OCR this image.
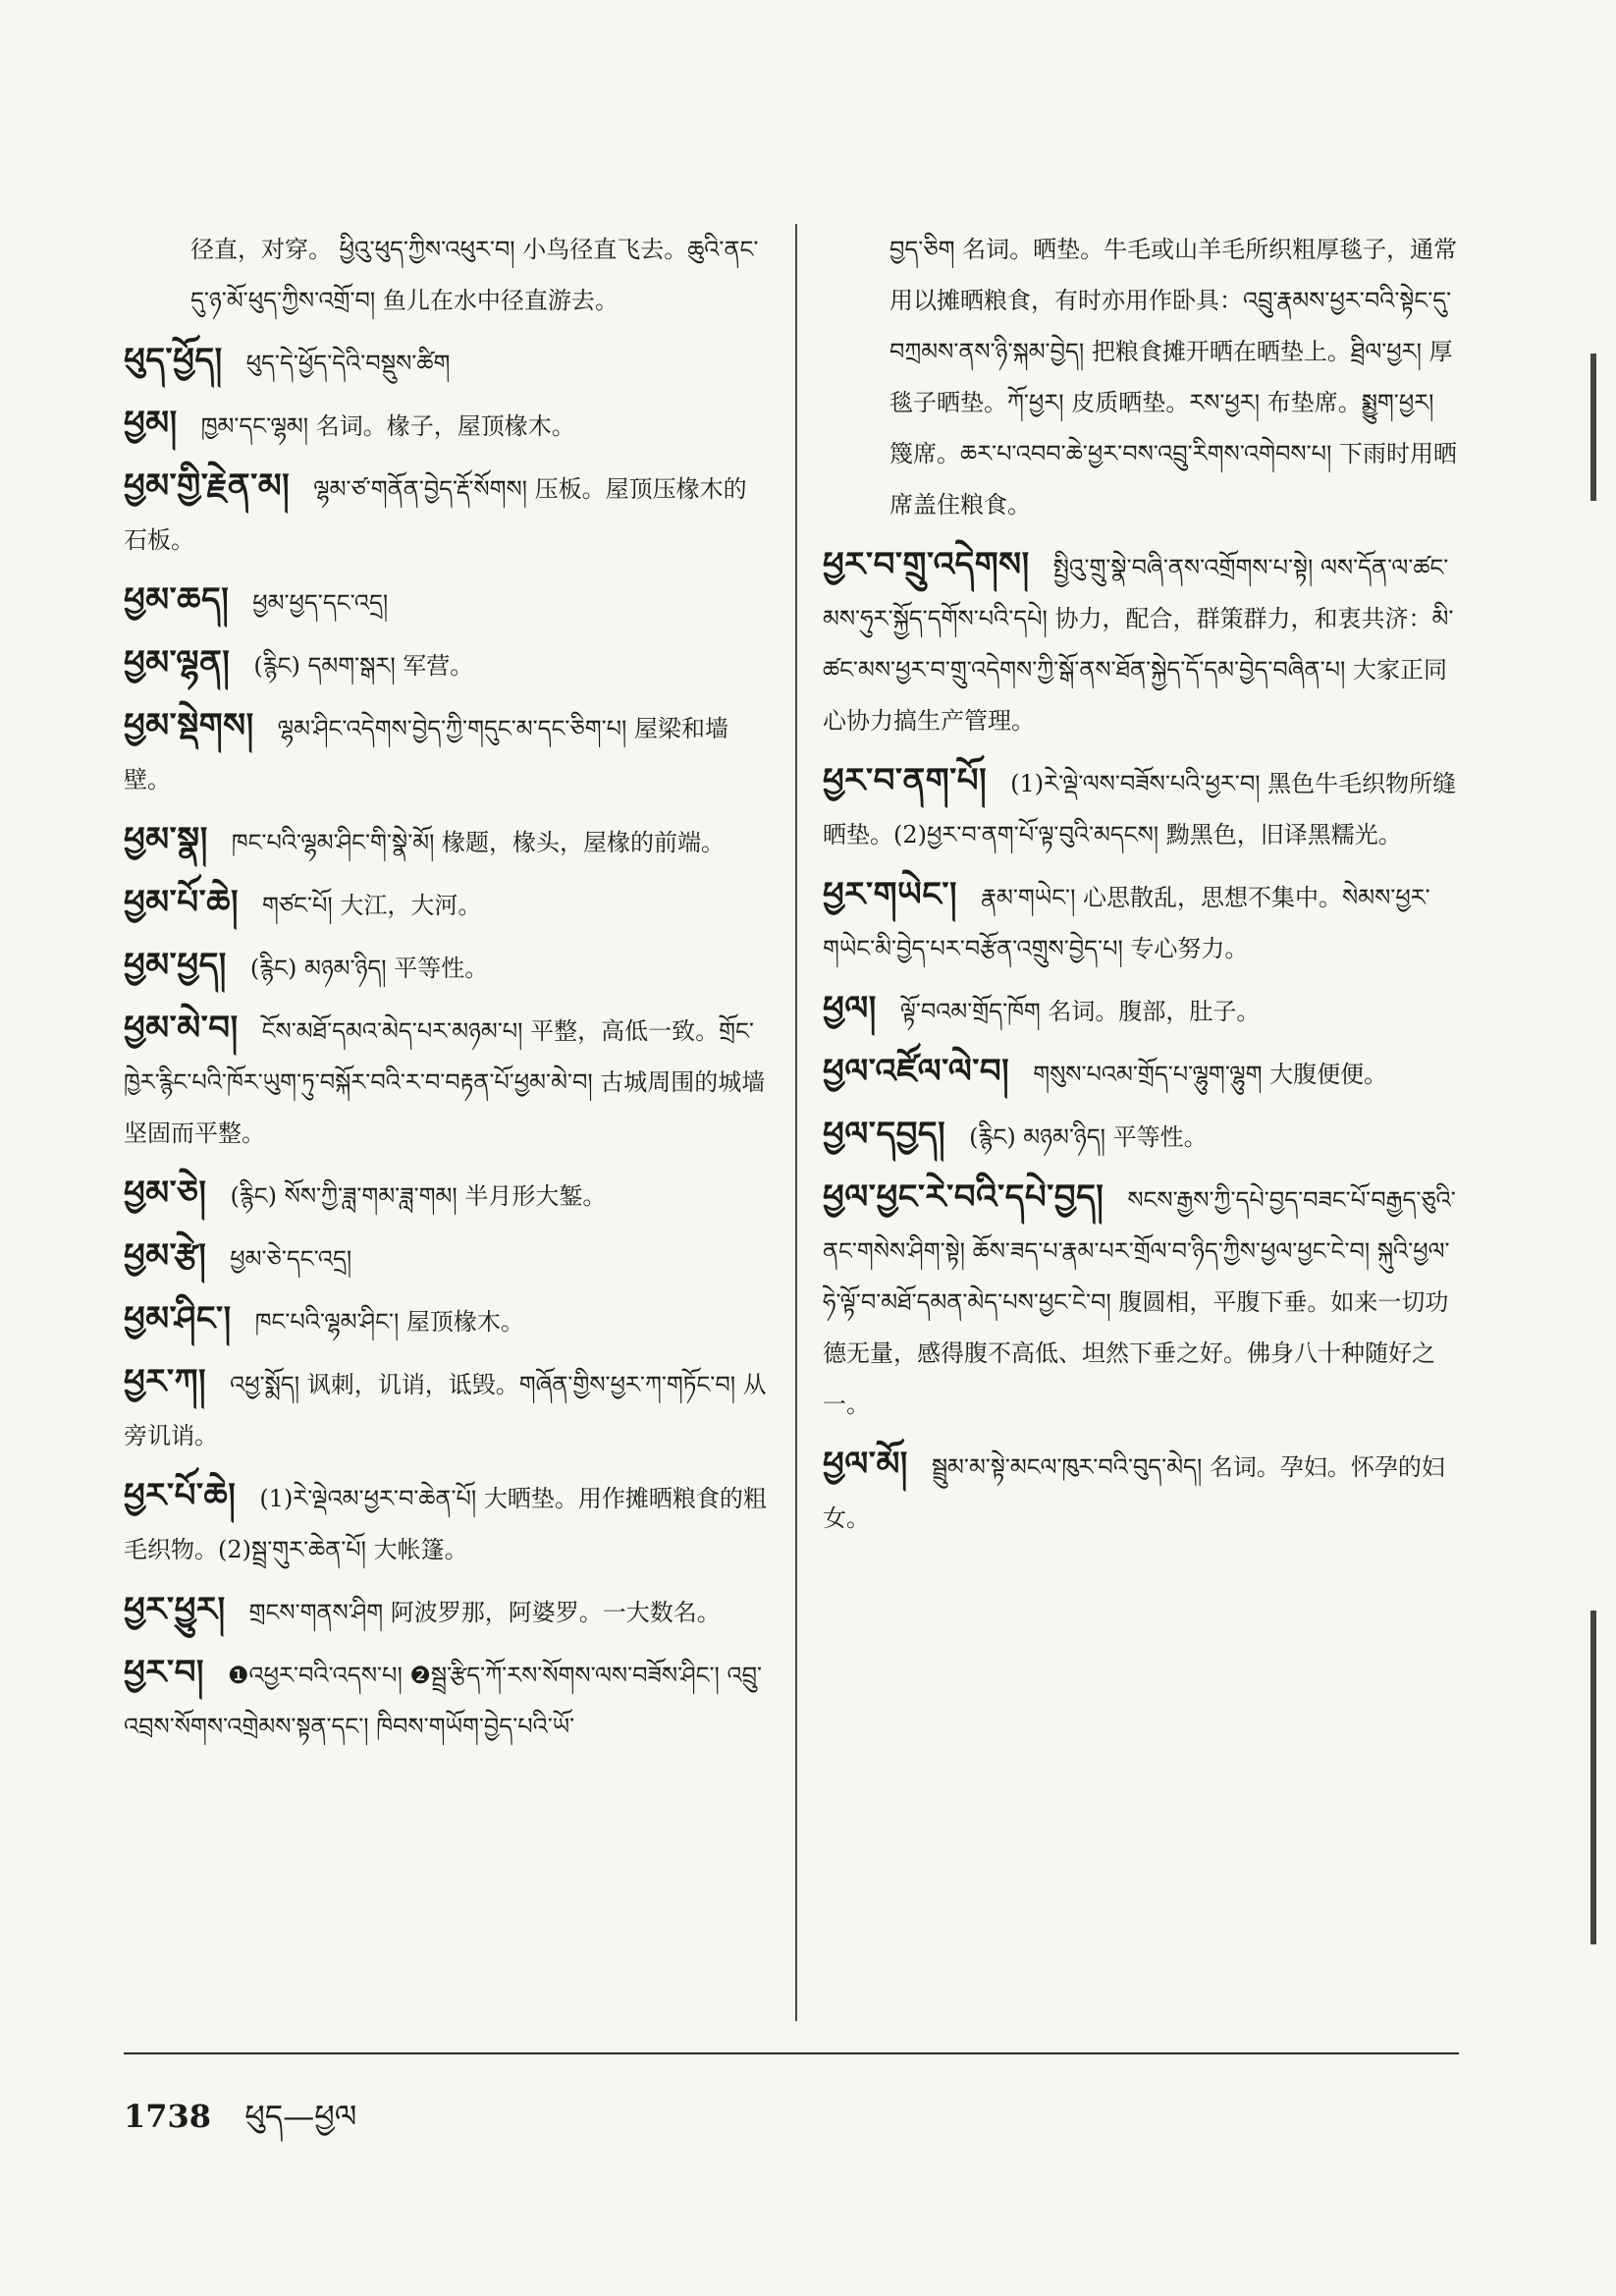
径直，对穿。 ཕྱིའུ་ཕུད་ཀྱིས་འཕུར་བ། 小鸟径直飞去。ཆུའི་ནང་དུ་ཉ་མོ་ཕུད་ཀྱིས་འགྲོ་བ། 鱼儿在水中径直游去。
ཕུད་ཕྱོད། ཕུད་དེ་ཕྱོད་དེའི་བསྡུས་ཚིག
ཕྱམ། ཁྱམ་དང་ལྷམ། 名词。椽子，屋顶椽木。
ཕྱམ་གྱི་རྗེན་མ། ལྷམ་ཙ་གནོན་བྱེད་རྡོ་སོགས། 压板。屋顶压椽木的石板。
ཕྱམ་ཆད། ཕྱམ་ཕྱད་དང་འདྲ།
ཕྱམ་ལྷན། (རྙིང) དམག་སྒར། 军营。
ཕྱམ་སྡེགས། ལྷམ་ཤིང་འདེགས་བྱེད་ཀྱི་གདུང་མ་དང་ཅིག་པ། 屋梁和墙壁。
ཕྱམ་སྣ། ཁང་པའི་ལྷམ་ཤིང་གི་སྣེ་མོ། 椽题，椽头，屋椽的前端。
ཕྱམ་པོ་ཆེ། གཙང་པོ། 大江，大河。
ཕྱམ་ཕྱད། (རྙིང) མཉམ་ཉིད། 平等性。
ཕྱམ་མེ་བ། ངོས་མཐོ་དམའ་མེད་པར་མཉམ་པ། 平整，高低一致。གྲོང་ཁྱེར་རྙིང་པའི་ཁོར་ཡུག་ཏུ་བསྐོར་བའི་ར་བ་བརྟན་པོ་ཕྱམ་མེ་བ། 古城周围的城墙坚固而平整。
ཕྱམ་ཅེ། (རྙིང) སོས་ཀྱི་ཟླ་གམ་ཟླ་གམ། 半月形大錾。
ཕྱམ་རྩེ། ཕྱམ་ཅེ་དང་འདྲ།
ཕྱམ་ཤིང་། ཁང་པའི་ལྷམ་ཤིང་། 屋顶椽木。
ཕྱར་ཀ། འཕྱ་སྨོད། 讽刺，讥诮，诋毁。གཞོན་གྱིས་ཕྱར་ཀ་གཏོང་བ། 从旁讥诮。
ཕྱར་པོ་ཆེ། (1)རེ་ལྡེའམ་ཕྱར་བ་ཆེན་པོ། 大晒垫。用作摊晒粮食的粗毛织物。(2)སྦྲ་གུར་ཆེན་པོ། 大帐篷。
ཕྱར་ཕྱུར། གྲངས་གནས་ཤིག 阿波罗那，阿婆罗。一大数名。
ཕྱར་བ། ❶འཕྱར་བའི་འདས་པ། ❷སྦྲ་རྩིད་ཀོ་རས་སོགས་ལས་བཟོས་ཤིང་། འབྲུ་འབྲས་སོགས་འགྲེམས་སྟན་དང་། ཁིབས་གཡོག་བྱེད་པའི་ཡོ་
བྱད་ཅིག 名词。晒垫。牛毛或山羊毛所织粗厚毯子，通常用以摊晒粮食，有时亦用作卧具：འབྲུ་རྣམས་ཕྱར་བའི་སྟེང་དུ་བཀྲམས་ནས་ཉི་སྐམ་བྱེད། 把粮食摊开晒在晒垫上。ཐྲིལ་ཕྱར། 厚毯子晒垫。ཀོ་ཕྱར། 皮质晒垫。རས་ཕྱར། 布垫席。སྨྱུག་ཕྱར། 篾席。ཆར་པ་འབབ་ཆེ་ཕྱར་བས་འབྲུ་རིགས་འགེབས་པ། 下雨时用晒席盖住粮食。
ཕྱར་བ་གྲུ་འདེགས། སྤྱིའུ་གྲུ་སྣེ་བཞི་ནས་འགྲོགས་པ་སྟེ། ལས་དོན་ལ་ཚང་མས་ཧུར་སྐྱོད་དགོས་པའི་དཔེ། 协力，配合，群策群力，和衷共济：མི་ཚང་མས་ཕྱར་བ་གྲུ་འདེགས་ཀྱི་སྒོ་ནས་ཐོན་སྐྱེད་དོ་དམ་བྱེད་བཞིན་པ། 大家正同心协力搞生产管理。
ཕྱར་བ་ནག་པོ། (1)རེ་ལྡེ་ལས་བཟོས་པའི་ཕྱར་བ། 黑色牛毛织物所缝晒垫。(2)ཕྱར་བ་ནག་པོ་ལྟ་བུའི་མདངས། 黝黑色，旧译黑糯光。
ཕྱར་གཡེང་། རྣམ་གཡེང་། 心思散乱，思想不集中。སེམས་ཕྱར་གཡེང་མི་བྱེད་པར་བརྩོན་འགྲུས་བྱེད་པ། 专心努力。
ཕྱལ། ལྟོ་བའམ་གྲོད་ཁོག 名词。腹部，肚子。
ཕྱལ་འཛོལ་ལེ་བ། གསུས་པའམ་གྲོད་པ་ལྷུག་ལྷུག 大腹便便。
ཕྱལ་དབྱད། (རྙིང) མཉམ་ཉིད། 平等性。
ཕྱལ་ཕྱང་རེ་བའི་དཔེ་བྱད། སངས་རྒྱས་ཀྱི་དཔེ་བྱད་བཟང་པོ་བརྒྱད་ཅུའི་ནང་གསེས་ཤིག་སྟེ། ཆོས་ཟད་པ་རྣམ་པར་གྲོལ་བ་ཉིད་ཀྱིས་ཕྱལ་ཕྱང་ངེ་བ། སྐུའི་ཕྱལ་ཧེ་ལྟོ་བ་མཐོ་དམན་མེད་པས་ཕྱང་ངེ་བ། 腹圆相，平腹下垂。如来一切功德无量，感得腹不高低、坦然下垂之好。佛身八十种随好之一。
ཕྱལ་མོ། སྦྲུམ་མ་སྟེ་མངལ་ཁུར་བའི་བུད་མེད། 名词。孕妇。怀孕的妇女。
1738 ཕུད—ཕྱལ
